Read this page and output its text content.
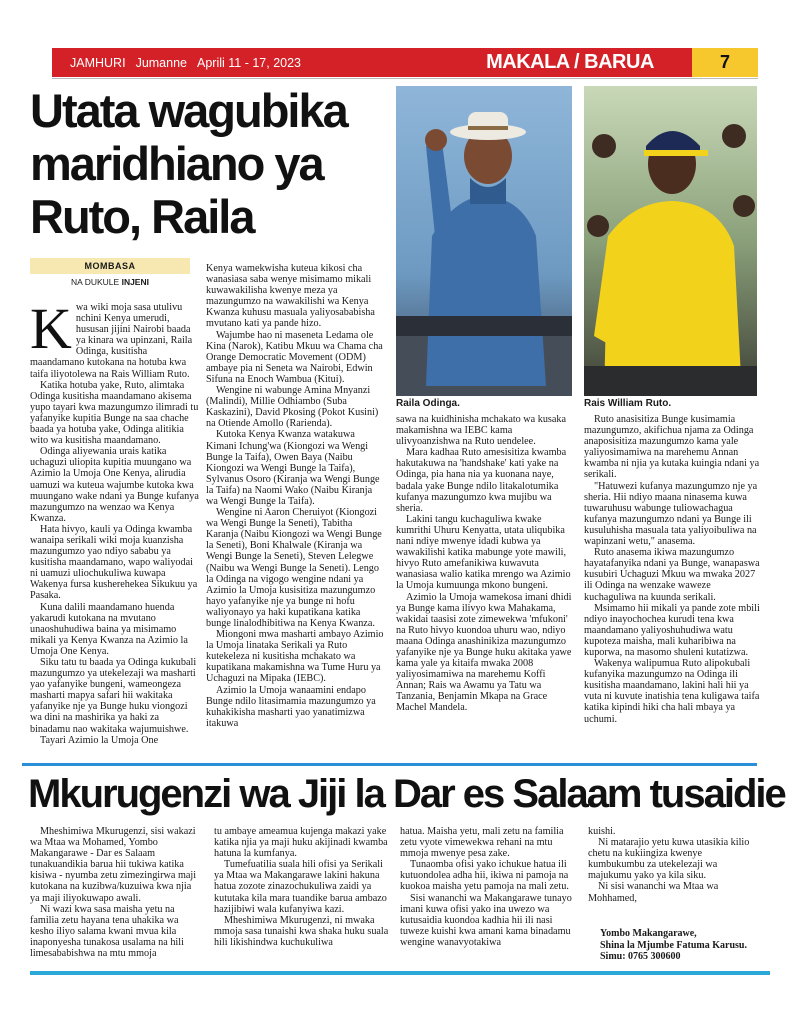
JAMHURI Jumanne Aprili 11 - 17, 2023	MAKALA / BARUA	7
Utata wagubika
maridhiano ya
Ruto, Raila
MOMBASA
NA DUKULE INJENI

Kwa wiki moja sasa utulivu nchini Kenya umerudi, hususan jijini Nairobi baada ya kinara wa upinzani, Raila Odinga, kusitisha maandamano kutokana na hotuba kwa taifa iliyotolewa na Rais William Ruto.

Katika hotuba yake, Ruto, alimtaka Odinga kusitisha maandamano akisema yupo tayari kwa mazungumzo ilimradi tu yafanyike kupitia Bunge na saa chache baada ya hotuba yake, Odinga alitikia wito wa kusitisha maandamano.

Odinga aliyewania urais katika uchaguzi uliopita kupitia muungano wa Azimio la Umoja One Kenya, alirudia uamuzi wa kuteua wajumbe kutoka kwa muungano wake ndani ya Bunge kufanya mazungumzo na wenzao wa Kenya Kwanza.

Hata hivyo, kauli ya Odinga kwamba wanaipa serikali wiki moja kuanzisha mazungumzo yao ndiyo sababu ya kusitisha maandamano, wapo waliyodai ni uamuzi uliochukuliwa kuwapa Wakenya fursa kusherehekea Sikukuu ya Pasaka.

Kuna dalili maandamano huenda yakarudi kutokana na mvutano unaoshuhudiwa baina ya misimamo mikali ya Kenya Kwanza na Azimio la Umoja One Kenya.

Siku tatu tu baada ya Odinga kukubali mazungumzo ya utekelezaji wa masharti yao yafanyike bungeni, wameongeza masharti mapya safari hii wakitaka yafanyike nje ya Bunge huku viongozi wa dini na mashirika ya haki za binadamu nao wakitaka wajumuishwe.

Tayari Azimio la Umoja One

Kenya wamekwisha kuteua kikosi cha wanasiasa saba wenye misimamo mikali kuwawakilisha kwenye meza ya mazungumzo na wawakilishi wa Kenya Kwanza kuhusu masuala yaliyosababisha mvutano kati ya pande hizo.

Wajumbe hao ni maseneta Ledama ole Kina (Narok), Katibu Mkuu wa Chama cha Orange Democratic Movement (ODM) ambaye pia ni Seneta wa Nairobi, Edwin Sifuna na Enoch Wambua (Kitui).

Wengine ni wabunge Amina Mnyanzi (Malindi), Millie Odhiambo (Suba Kaskazini), David Pkosing (Pokot Kusini) na Otiende Amollo (Rarienda).

Kutoka Kenya Kwanza watakuwa Kimani Ichung'wa (Kiongozi wa Wengi Bunge la Taifa), Owen Baya (Naibu Kiongozi wa Wengi Bunge la Taifa), Sylvanus Osoro (Kiranja wa Wengi Bunge la Taifa) na Naomi Wako (Naibu Kiranja wa Wengi Bunge la Taifa).

Wengine ni Aaron Cheruiyot (Kiongozi wa Wengi Bunge la Seneti), Tabitha Karanja (Naibu Kiongozi wa Wengi Bunge la Seneti), Boni Khalwale (Kiranja wa Wengi Bunge la Seneti), Steven Lelegwe (Naibu wa Wengi Bunge la Seneti). Lengo la Odinga na vigogo wengine ndani ya Azimio la Umoja kusisitiza mazungumzo hayo yafanyike nje ya bunge ni hofu waliyonayo ya haki kupatikana katika bunge linalodhibitiwa na Kenya Kwanza.

Miongoni mwa masharti ambayo Azimio la Umoja linataka Serikali ya Ruto kutekeleza ni kusitisha mchakato wa kupatikana makamishna wa Tume Huru ya Uchaguzi na Mipaka (IEBC).

Azimio la Umoja wanaamini endapo Bunge ndilo litasimamia mazungumzo ya kuhakikisha masharti yao yanatimizwa itakuwa

Raila Odinga.	Rais William Ruto.

sawa na kuidhinisha mchakato wa kusaka makamishna wa IEBC kama ulivyoanzishwa na Ruto uendelee.

Mara kadhaa Ruto amesisitiza kwamba hakutakuwa na 'handshake' kati yake na Odinga, pia hana nia ya kuonana naye, badala yake Bunge ndilo litakalotumika kufanya mazungumzo kwa mujibu wa sheria.

Lakini tangu kuchaguliwa kwake kumrithi Uhuru Kenyatta, utata uliqubika nani ndiye mwenye idadi kubwa ya wawakilishi katika mabunge yote mawili, hivyo Ruto amefanikiwa kuwavuta wanasiasa walio katika mrengo wa Azimio la Umoja kumuunga mkono bungeni.

Azimio la Umoja wamekosa imani dhidi ya Bunge kama ilivyo kwa Mahakama, wakidai taasisi zote zimewekwa 'mfukoni' na Ruto hivyo kuondoa uhuru wao, ndiyo maana Odinga anashinikiza mazungumzo yafanyike nje ya Bunge huku akitaka yawe kama yale ya kitaifa mwaka 2008 yaliyosimamiwa na marehemu Koffi Annan; Rais wa Awamu ya Tatu wa Tanzania, Benjamin Mkapa na Grace Machel Mandela.

Ruto anasisitiza Bunge kusimamia mazungumzo, akifichua njama za Odinga anaposisitiza mazungumzo kama yale yaliyosimamiwa na marehemu Annan kwamba ni njia ya kutaka kuingia ndani ya serikali.

"Hatuwezi kufanya mazungumzo nje ya sheria. Hii ndiyo maana ninasema kuwa tuwaruhusu wabunge tuliowachagua kufanya mazungumzo ndani ya Bunge ili kusuluhisha masuala tata yaliyoibuliwa na wapinzani wetu," anasema.

Ruto anasema ikiwa mazungumzo hayatafanyika ndani ya Bunge, wanapaswa kusubiri Uchaguzi Mkuu wa mwaka 2027 ili Odinga na wenzake waweze kuchaguliwa na kuunda serikali.

Msimamo hii mikali ya pande zote mbili ndiyo inayochochea kurudi tena kwa maandamano yaliyoshuhudiwa watu kupoteza maisha, mali kuharibiwa na kuporwa, na masomo shuleni kutatizwa.

Wakenya walipumua Ruto alipokubali kufanyika mazungumzo na Odinga ili kusitisha maandamano, lakini hali hii ya vuta ni kuvute inatishia tena kuligawa taifa katika kipindi hiki cha hali mbaya ya uchumi.

Mkurugenzi wa Jiji la Dar es Salaam tusaidie

Mheshimiwa Mkurugenzi, sisi wakazi wa Mtaa wa Mohamed, Yombo Makangarawe - Dar es Salaam tunakuandikia barua hii tukiwa katika kisiwa - nyumba zetu zimezingirwa maji kutokana na kuzibwa/kuzuiwa kwa njia ya maji iliyokuwapo awali.

Ni wazi kwa sasa maisha yetu na familia zetu hayana tena uhakika wa kesho iliyo salama kwani mvua kila inaponyesha tunakosa usalama na hili limesababishwa na mtu mmoja

tu ambaye ameamua kujenga makazi yake katika njia ya maji huku akijinadi kwamba hatuna la kumfanya.

Tumefuatilia suala hili ofisi ya Serikali ya Mtaa wa Makangarawe lakini hakuna hatua zozote zinazochukuliwa zaidi ya kututaka kila mara tuandike barua ambazo hazijibiwi wala kufanyiwa kazi.

Mheshimiwa Mkurugenzi, ni mwaka mmoja sasa tunaishi kwa shaka huku suala hili likishindwa kuchukuliwa

hatua. Maisha yetu, mali zetu na familia zetu vyote vimewekwa rehani na mtu mmoja mwenye pesa zake.

Tunaomba ofisi yako ichukue hatua ili kutuondolea adha hii, ikiwa ni pamoja na kuokoa maisha yetu pamoja na mali zetu.

Sisi wananchi wa Makangarawe tunayo imani kuwa ofisi yako ina uwezo wa kutusaidia kuondoa kadhia hii ili nasi tuweze kuishi kwa amani kama binadamu wengine wanavyotakiwa

kuishi.

Ni matarajio yetu kuwa utasikia kilio chetu na kukiingiza kwenye kumbukumbu za utekelezaji wa majukumu yako ya kila siku.

Ni sisi wananchi wa Mtaa wa Mohhamed,

Yombo Makangarawe,
Shina la Mjumbe Fatuma Karusu.
Simu: 0765 300600
